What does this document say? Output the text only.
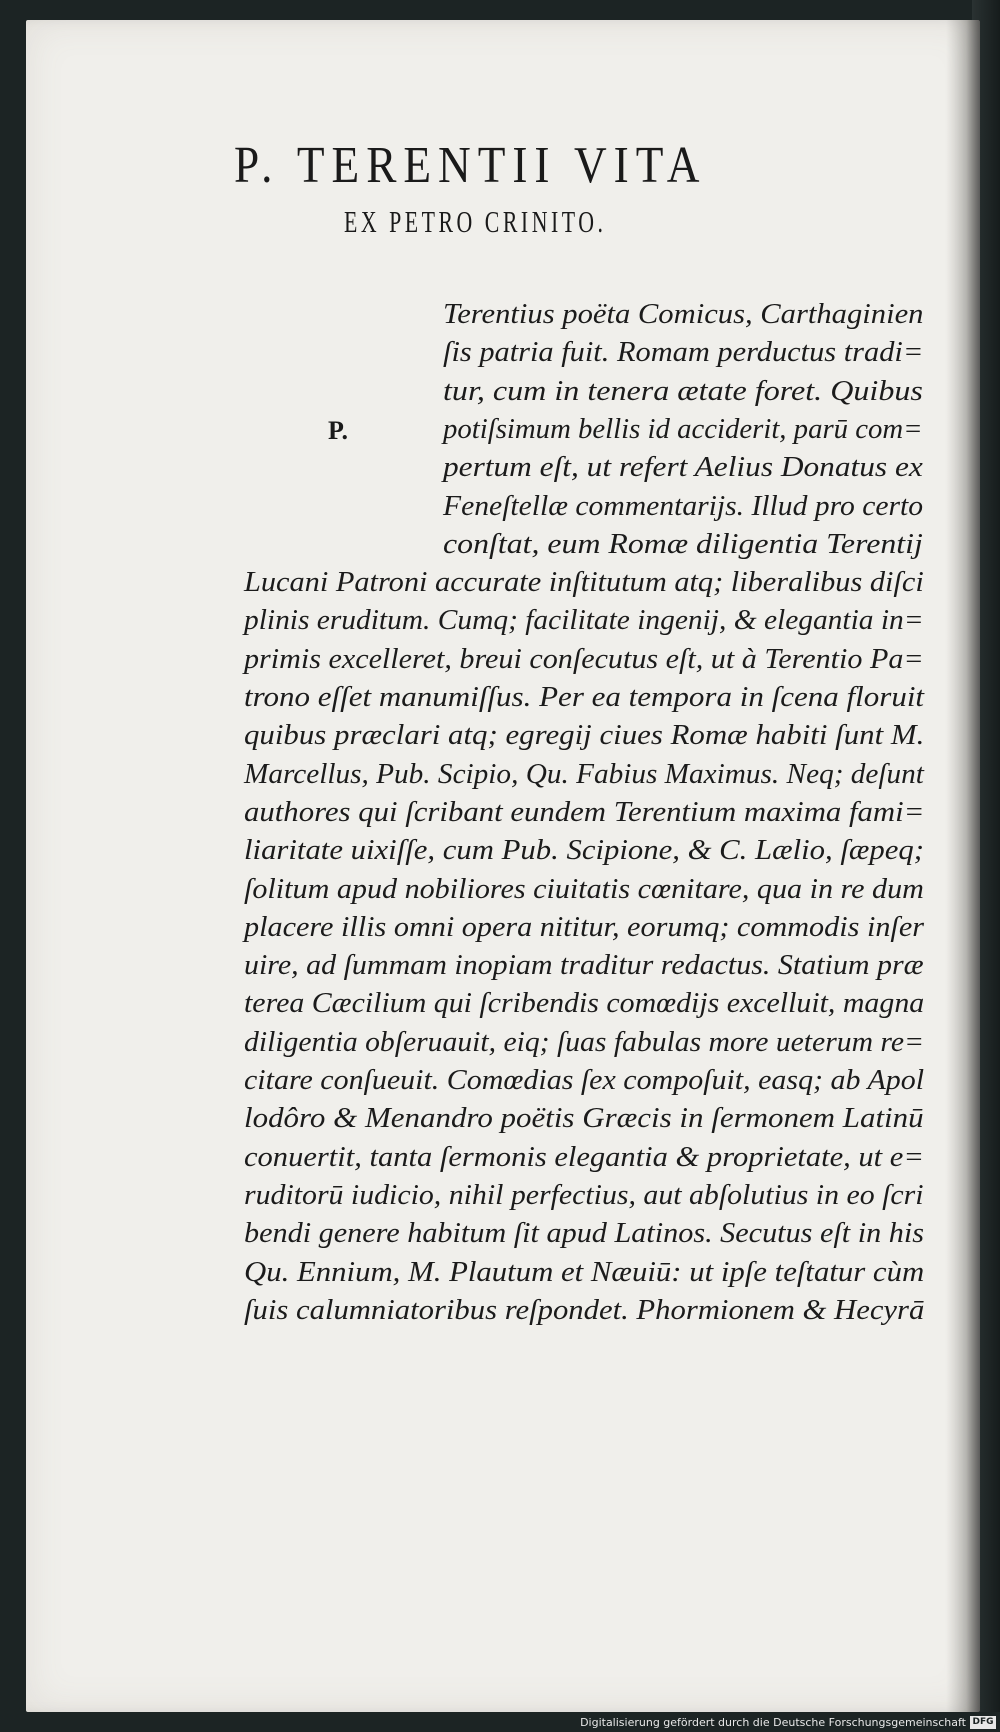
P. TERENTII VITA
EX PETRO CRINITO.
P.
Terentius poëta Comicus, Carthaginien
ſis patria fuit. Romam perductus tradi=
tur, cum in tenera ætate foret. Quibus
potiſsimum bellis id acciderit, parū com=
pertum eſt, ut refert Aelius Donatus ex
Feneſtellæ commentarijs. Illud pro certo
conſtat, eum Romæ diligentia Terentij
Lucani Patroni accurate inſtitutum atq; liberalibus diſci
plinis eruditum. Cumq; facilitate ingenij, & elegantia in=
primis excelleret, breui conſecutus eſt, ut à Terentio Pa=
trono eſſet manumiſſus. Per ea tempora in ſcena floruit
quibus præclari atq; egregij ciues Romæ habiti ſunt M.
Marcellus, Pub. Scipio, Qu. Fabius Maximus. Neq; deſunt
authores qui ſcribant eundem Terentium maxima fami=
liaritate uixiſſe, cum Pub. Scipione, & C. Lælio, ſæpeq;
ſolitum apud nobiliores ciuitatis cœnitare, qua in re dum
placere illis omni opera nititur, eorumq; commodis inſer
uire, ad ſummam inopiam traditur redactus. Statium præ
terea Cæcilium qui ſcribendis comœdijs excelluit, magna
diligentia obſeruauit, eiq; ſuas fabulas more ueterum re=
citare conſueuit. Comœdias ſex compoſuit, easq; ab Apol
lodôro & Menandro poëtis Græcis in ſermonem Latinū
conuertit, tanta ſermonis elegantia & proprietate, ut e=
ruditorū iudicio, nihil perfectius, aut abſolutius in eo ſcri
bendi genere habitum ſit apud Latinos. Secutus eſt in his
Qu. Ennium, M. Plautum et Næuiū: ut ipſe teſtatur cùm
ſuis calumniatoribus reſpondet. Phormionem & Hecyrā
Digitalisierung gefördert durch die Deutsche Forschungsgemeinschaft DFG
